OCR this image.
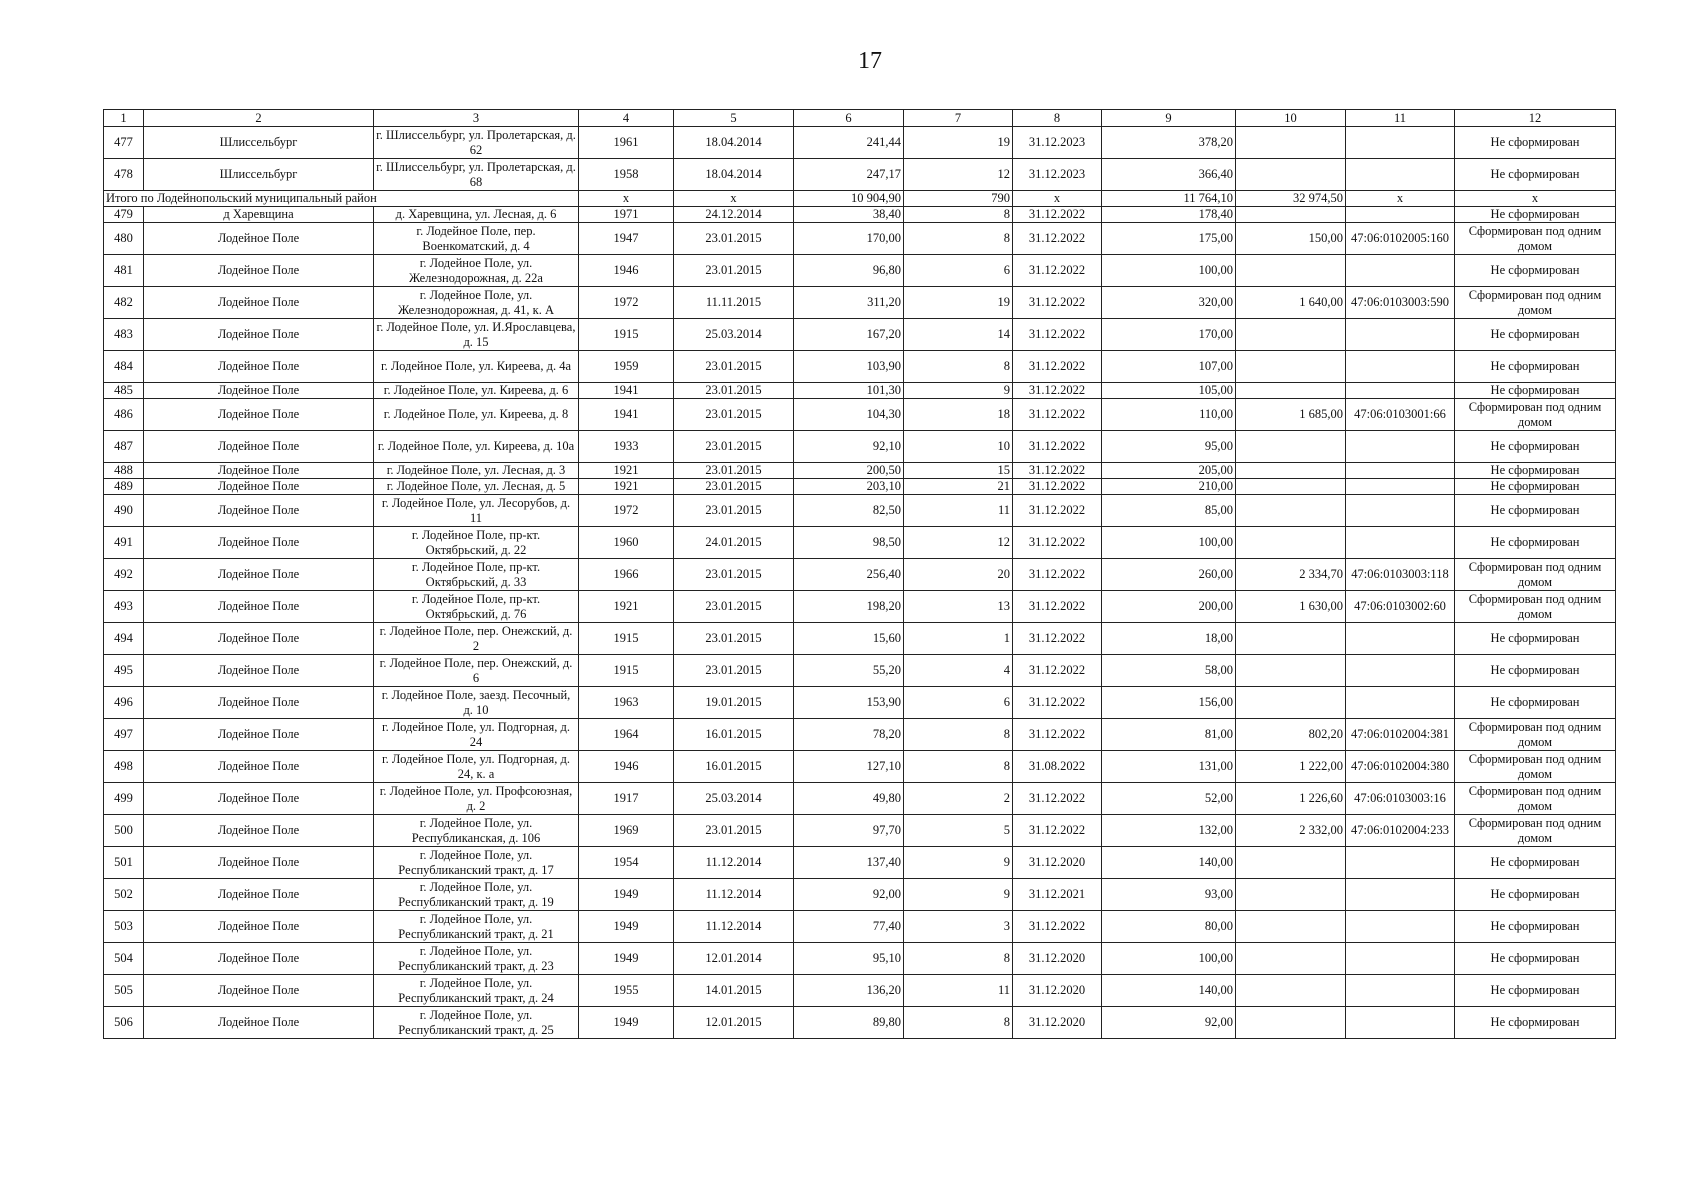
17
1	2	3	4	5	6	7	8	9	10	11	12
477	Шлиссельбург	г. Шлиссельбург, ул. Пролетарская, д. 62	1961	18.04.2014	241,44	19	31.12.2023	378,20			Не сформирован
478	Шлиссельбург	г. Шлиссельбург, ул. Пролетарская, д. 68	1958	18.04.2014	247,17	12	31.12.2023	366,40			Не сформирован
Итого по Лодейнопольский муниципальный район			х	х	10 904,90	790	х	11 764,10	32 974,50	х	х
479	д Харевщина	д. Харевщина, ул. Лесная, д. 6	1971	24.12.2014	38,40	8	31.12.2022	178,40			Не сформирован
480	Лодейное Поле	г. Лодейное Поле, пер. Военкоматский, д. 4	1947	23.01.2015	170,00	8	31.12.2022	175,00	150,00	47:06:0102005:160	Сформирован под одним домом
481	Лодейное Поле	г. Лодейное Поле, ул. Железнодорожная, д. 22а	1946	23.01.2015	96,80	6	31.12.2022	100,00			Не сформирован
482	Лодейное Поле	г. Лодейное Поле, ул. Железнодорожная, д. 41, к. А	1972	11.11.2015	311,20	19	31.12.2022	320,00	1 640,00	47:06:0103003:590	Сформирован под одним домом
483	Лодейное Поле	г. Лодейное Поле, ул. И.Ярославцева, д. 15	1915	25.03.2014	167,20	14	31.12.2022	170,00			Не сформирован
484	Лодейное Поле	г. Лодейное Поле, ул. Киреева, д. 4а	1959	23.01.2015	103,90	8	31.12.2022	107,00			Не сформирован
485	Лодейное Поле	г. Лодейное Поле, ул. Киреева, д. 6	1941	23.01.2015	101,30	9	31.12.2022	105,00			Не сформирован
486	Лодейное Поле	г. Лодейное Поле, ул. Киреева, д. 8	1941	23.01.2015	104,30	18	31.12.2022	110,00	1 685,00	47:06:0103001:66	Сформирован под одним домом
487	Лодейное Поле	г. Лодейное Поле, ул. Киреева, д. 10а	1933	23.01.2015	92,10	10	31.12.2022	95,00			Не сформирован
488	Лодейное Поле	г. Лодейное Поле, ул. Лесная, д. 3	1921	23.01.2015	200,50	15	31.12.2022	205,00			Не сформирован
489	Лодейное Поле	г. Лодейное Поле, ул. Лесная, д. 5	1921	23.01.2015	203,10	21	31.12.2022	210,00			Не сформирован
490	Лодейное Поле	г. Лодейное Поле, ул. Лесорубов, д. 11	1972	23.01.2015	82,50	11	31.12.2022	85,00			Не сформирован
491	Лодейное Поле	г. Лодейное Поле, пр-кт. Октябрьский, д. 22	1960	24.01.2015	98,50	12	31.12.2022	100,00			Не сформирован
492	Лодейное Поле	г. Лодейное Поле, пр-кт. Октябрьский, д. 33	1966	23.01.2015	256,40	20	31.12.2022	260,00	2 334,70	47:06:0103003:118	Сформирован под одним домом
493	Лодейное Поле	г. Лодейное Поле, пр-кт. Октябрьский, д. 76	1921	23.01.2015	198,20	13	31.12.2022	200,00	1 630,00	47:06:0103002:60	Сформирован под одним домом
494	Лодейное Поле	г. Лодейное Поле, пер. Онежский, д. 2	1915	23.01.2015	15,60	1	31.12.2022	18,00			Не сформирован
495	Лодейное Поле	г. Лодейное Поле, пер. Онежский, д. 6	1915	23.01.2015	55,20	4	31.12.2022	58,00			Не сформирован
496	Лодейное Поле	г. Лодейное Поле, заезд. Песочный, д. 10	1963	19.01.2015	153,90	6	31.12.2022	156,00			Не сформирован
497	Лодейное Поле	г. Лодейное Поле, ул. Подгорная, д. 24	1964	16.01.2015	78,20	8	31.12.2022	81,00	802,20	47:06:0102004:381	Сформирован под одним домом
498	Лодейное Поле	г. Лодейное Поле, ул. Подгорная, д. 24, к. а	1946	16.01.2015	127,10	8	31.08.2022	131,00	1 222,00	47:06:0102004:380	Сформирован под одним домом
499	Лодейное Поле	г. Лодейное Поле, ул. Профсоюзная, д. 2	1917	25.03.2014	49,80	2	31.12.2022	52,00	1 226,60	47:06:0103003:16	Сформирован под одним домом
500	Лодейное Поле	г. Лодейное Поле, ул. Республиканская, д. 106	1969	23.01.2015	97,70	5	31.12.2022	132,00	2 332,00	47:06:0102004:233	Сформирован под одним домом
501	Лодейное Поле	г. Лодейное Поле, ул. Республиканский тракт, д. 17	1954	11.12.2014	137,40	9	31.12.2020	140,00			Не сформирован
502	Лодейное Поле	г. Лодейное Поле, ул. Республиканский тракт, д. 19	1949	11.12.2014	92,00	9	31.12.2021	93,00			Не сформирован
503	Лодейное Поле	г. Лодейное Поле, ул. Республиканский тракт, д. 21	1949	11.12.2014	77,40	3	31.12.2022	80,00			Не сформирован
504	Лодейное Поле	г. Лодейное Поле, ул. Республиканский тракт, д. 23	1949	12.01.2014	95,10	8	31.12.2020	100,00			Не сформирован
505	Лодейное Поле	г. Лодейное Поле, ул. Республиканский тракт, д. 24	1955	14.01.2015	136,20	11	31.12.2020	140,00			Не сформирован
506	Лодейное Поле	г. Лодейное Поле, ул. Республиканский тракт, д. 25	1949	12.01.2015	89,80	8	31.12.2020	92,00			Не сформирован
